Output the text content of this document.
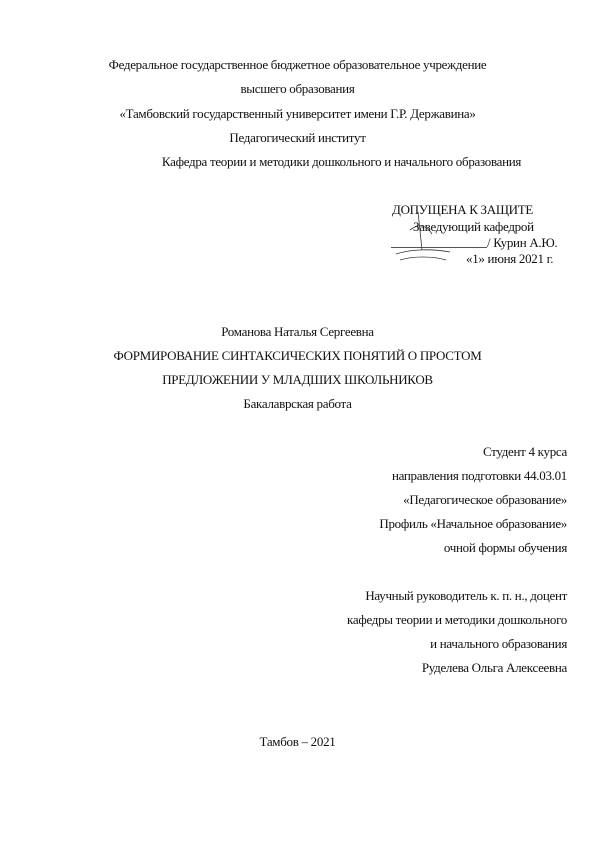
Федеральное государственное бюджетное образовательное учреждение
высшего образования
«Тамбовский государственный университет имени Г.Р. Державина»
Педагогический институт
Кафедра теории и методики дошкольного и начального образования
ДОПУЩЕНА К ЗАЩИТЕ
Заведующий кафедрой
/ Курин А.Ю.
«1» июня 2021 г.
Романова Наталья Сергеевна
ФОРМИРОВАНИЕ СИНТАКСИЧЕСКИХ ПОНЯТИЙ О ПРОСТОМ
ПРЕДЛОЖЕНИИ У МЛАДШИХ ШКОЛЬНИКОВ
Бакалаврская работа
Студент 4 курса
направления подготовки 44.03.01
«Педагогическое образование»
Профиль «Начальное образование»
очной формы обучения
Научный руководитель к. п. н., доцент
кафедры теории и методики дошкольного
и начального образования
Руделева Ольга Алексеевна
Тамбов – 2021
